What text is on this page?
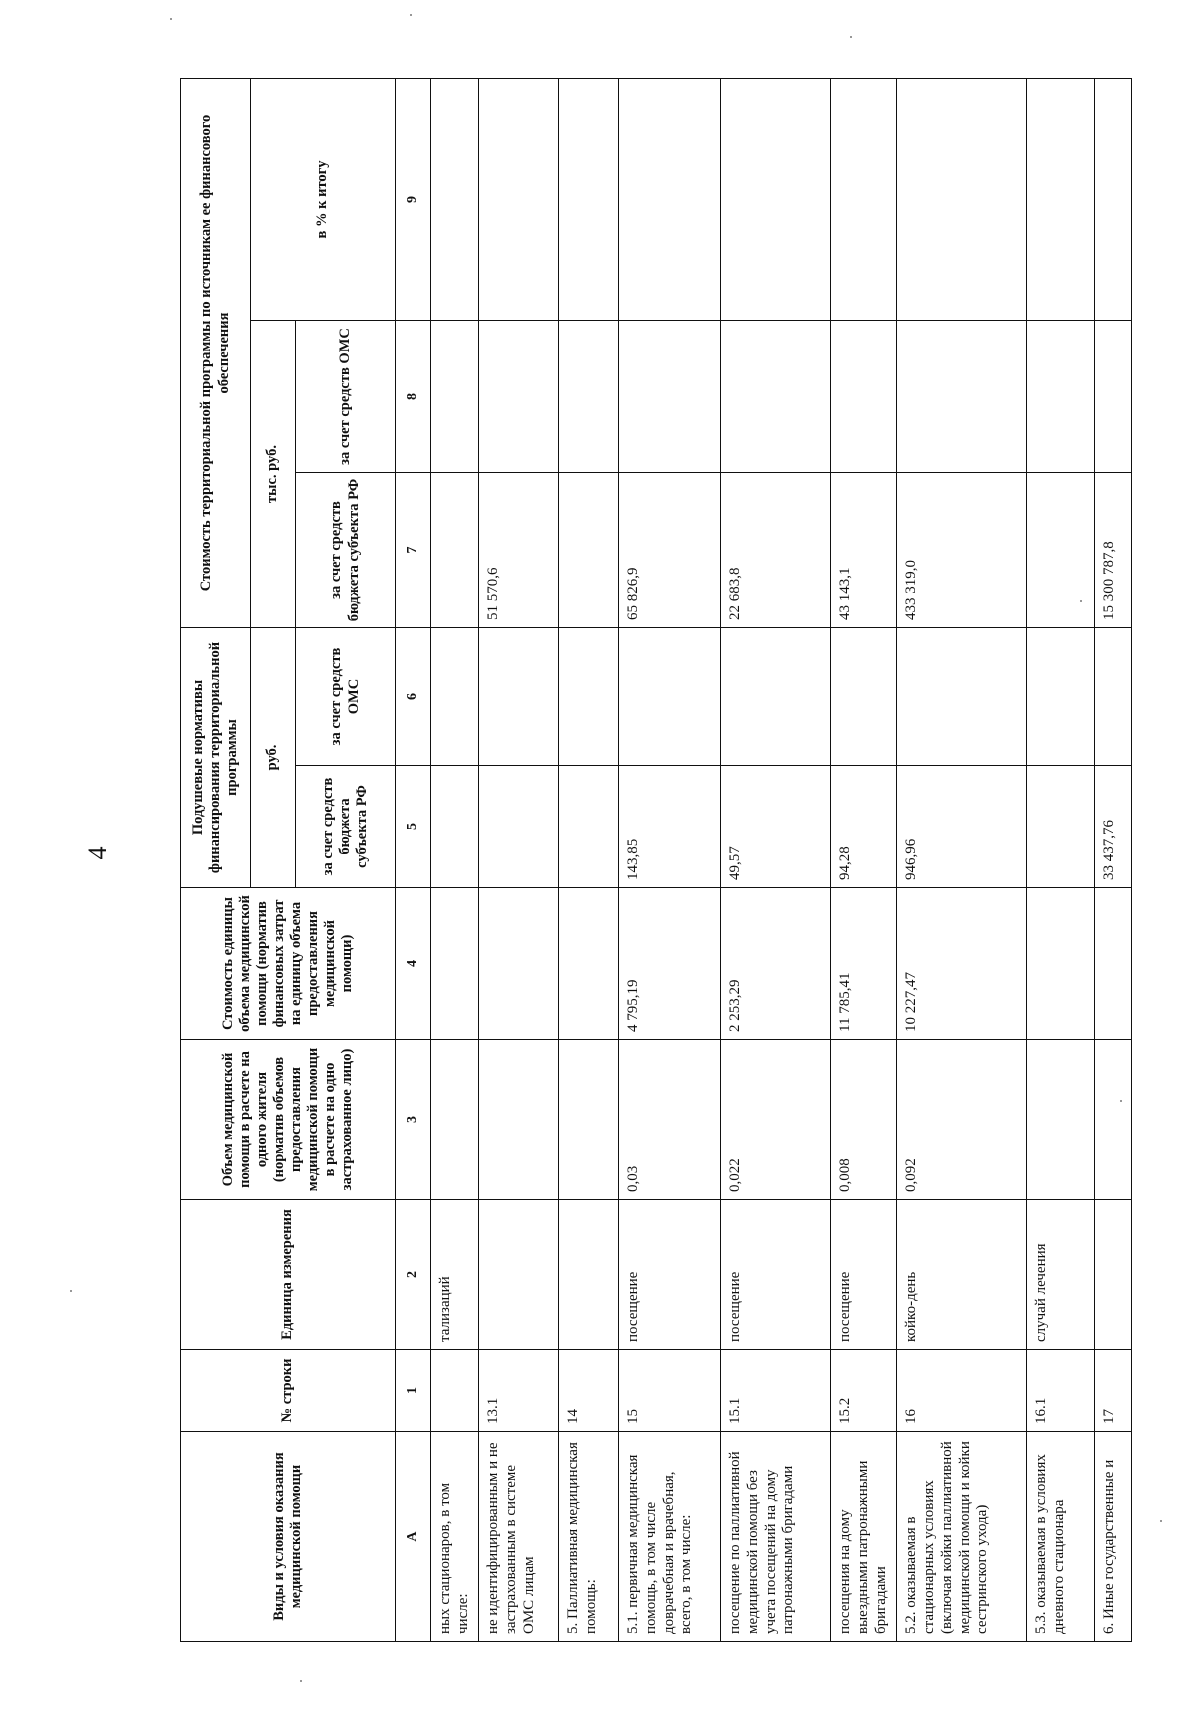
4
Виды и условия оказания медицинской помощи	№ строки	Единица измерения	Объем медицинской помощи в расчете на одного жителя (норматив объемов предоставления медицинской помощи в расчете на одно застрахованное лицо)	Стоимость единицы объема медицинской помощи (норматив финансовых затрат на единицу объема предоставления медицинской помощи)	Подушевые нормативы финансирования территориальной программы		Стоимость территориальной программы по источникам ее финансового обеспечения		
					руб.		тыс. руб.		в % к итогу
					за счет средств бюджета субъекта РФ	за счет средств ОМС	за счет средств бюджета субъекта РФ	за счет средств ОМС	
А	1	2	3	4	5	6	7	8	9
ных стационаров, в том числе:		тализаций							
не идентифицированным и не застрахованным в системе ОМС лицам	13.1						51 570,6		
5. Паллиативная медицинская помощь:	14								
5.1. первичная медицинская помощь, в том числе доврачебная и врачебная, всего, в том числе:	15	посещение	0,03	4 795,19	143,85		65 826,9		
посещение по паллиативной медицинской помощи без учета посещений на дому патронажными бригадами	15.1	посещение	0,022	2 253,29	49,57		22 683,8		
посещения на дому выездными патронажными бригадами	15.2	посещение	0,008	11 785,41	94,28		43 143,1		
5.2. оказываемая в стационарных условиях (включая койки паллиативной медицинской помощи и койки сестринского ухода)	16	койко-день	0,092	10 227,47	946,96		433 319,0		
5.3. оказываемая в условиях дневного стационара	16.1	случай лечения							
6. Иные государственные и	17				33 437,76		15 300 787,8		
